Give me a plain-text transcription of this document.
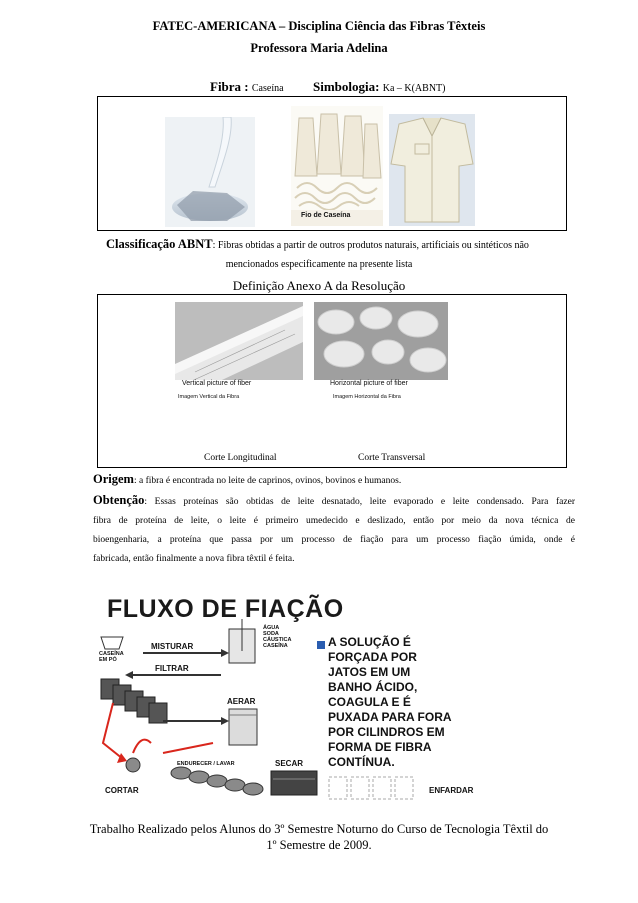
FATEC-AMERICANA – Disciplina Ciência das Fibras Têxteis
Professora Maria Adelina
Fibra : Caseína Simbologia: Ka – K(ABNT)
Fio de Caseína
Classificação ABNT: Fibras obtidas a partir de outros produtos naturais, artificiais ou sintéticos não
mencionados especificamente na presente lista
Definição Anexo A da Resolução
Vertical picture of fiber
Imagem Vertical da Fibra
Horizontal picture of fiber
Imagem Horizontal da Fibra
Corte Longitudinal	Corte Transversal
Origem: a fibra é encontrada no leite de caprinos, ovinos, bovinos e humanos.
Obtenção: Essas proteínas são obtidas de leite desnatado, leite evaporado e leite condensado. Para fazer
fibra de proteína de leite, o leite é primeiro umedecido e deslizado, então por meio da nova técnica de
bioengenharia, a proteína que passa por um processo de fiação para um processo fiação úmida, onde é
fabricada, então finalmente a nova fibra têxtil é feita.
FLUXO DE FIAÇÃO
CASEÍNA
EM PÓ
MISTURAR
FILTRAR
AERAR
ÁGUA
SODA
CÁUSTICA
CASEÍNA
ENDURECER / LAVAR	SECAR
CORTAR	ENFARDAR
A SOLUÇÃO É
FORÇADA POR
JATOS EM UM
BANHO ÁCIDO,
COAGULA E É
PUXADA PARA FORA
POR CILINDROS EM
FORMA DE FIBRA
CONTÍNUA.
Trabalho Realizado pelos Alunos do 3º Semestre Noturno do Curso de Tecnologia Têxtil do
1º Semestre de 2009.
